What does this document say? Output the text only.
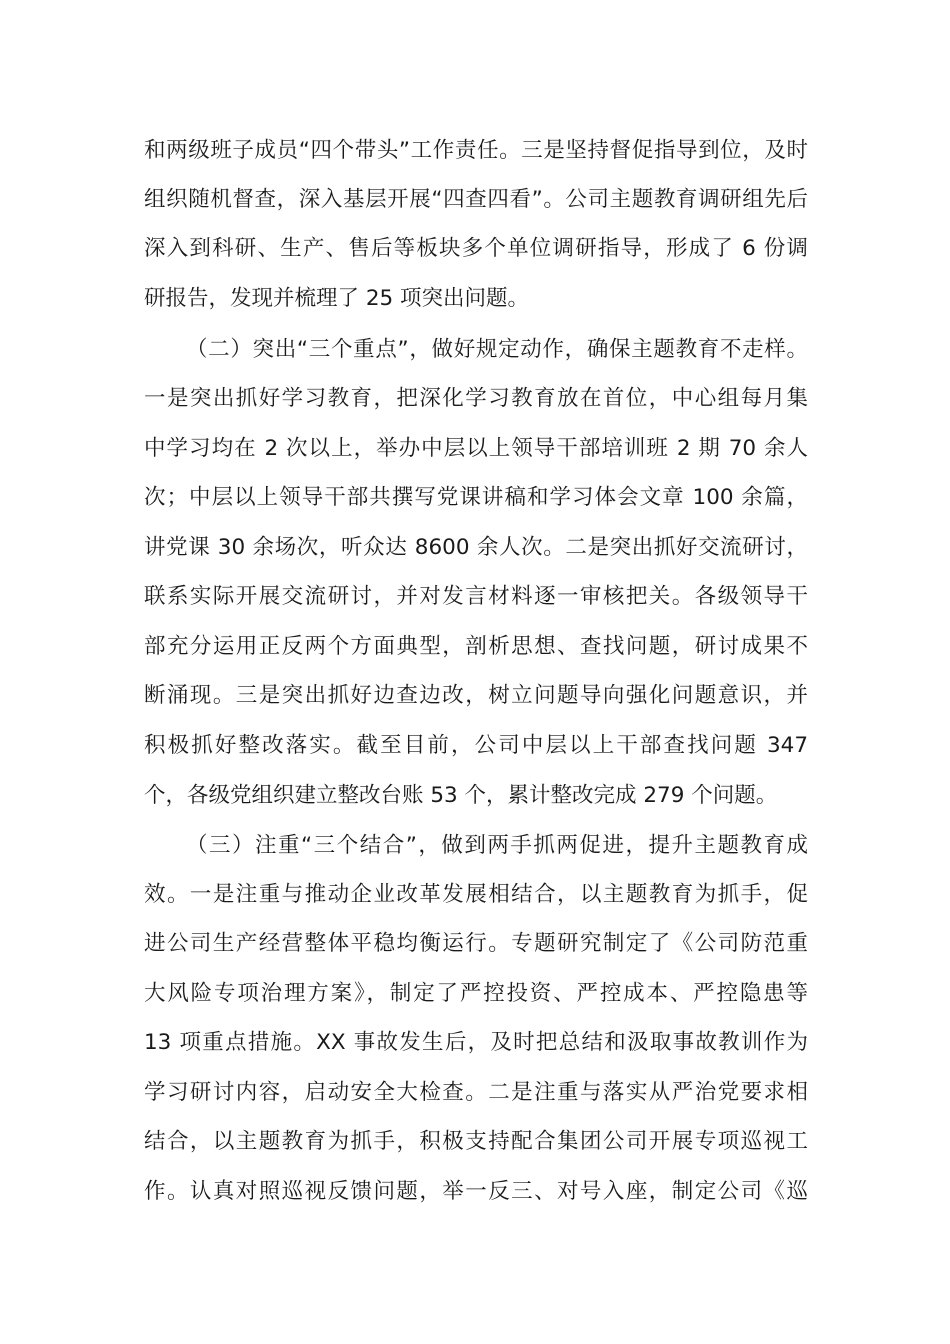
和两级班子成员“四个带头”工作责任。三是坚持督促指导到位，及时
组织随机督查，深入基层开展“四查四看”。公司主题教育调研组先后
深入到科研、生产、售后等板块多个单位调研指导，形成了 6 份调
研报告，发现并梳理了 25 项突出问题。
（二）突出“三个重点”，做好规定动作，确保主题教育不走样。
一是突出抓好学习教育，把深化学习教育放在首位，中心组每月集
中学习均在 2 次以上，举办中层以上领导干部培训班 2 期 70 余人
次；中层以上领导干部共撰写党课讲稿和学习体会文章 100 余篇，
讲党课 30 余场次，听众达 8600 余人次。二是突出抓好交流研讨，
联系实际开展交流研讨，并对发言材料逐一审核把关。各级领导干
部充分运用正反两个方面典型，剖析思想、查找问题，研讨成果不
断涌现。三是突出抓好边查边改，树立问题导向强化问题意识，并
积极抓好整改落实。截至目前，公司中层以上干部查找问题 347
个，各级党组织建立整改台账 53 个，累计整改完成 279 个问题。
（三）注重“三个结合”，做到两手抓两促进，提升主题教育成
效。一是注重与推动企业改革发展相结合，以主题教育为抓手，促
进公司生产经营整体平稳均衡运行。专题研究制定了《公司防范重
大风险专项治理方案》，制定了严控投资、严控成本、严控隐患等
13 项重点措施。XX 事故发生后，及时把总结和汲取事故教训作为
学习研讨内容，启动安全大检查。二是注重与落实从严治党要求相
结合，以主题教育为抓手，积极支持配合集团公司开展专项巡视工
作。认真对照巡视反馈问题，举一反三、对号入座，制定公司《巡
